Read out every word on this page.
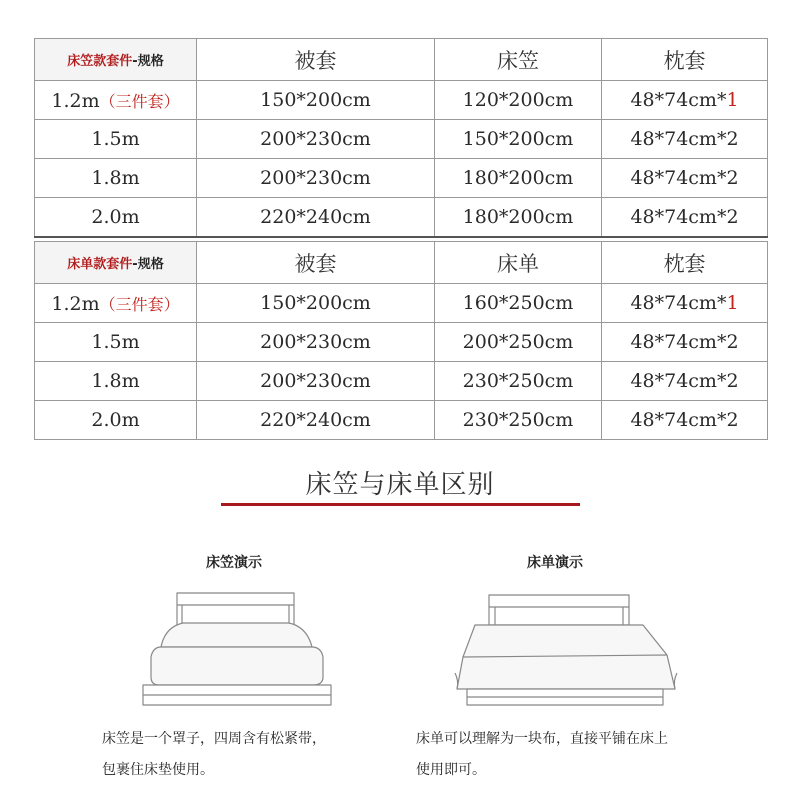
床笠款套件-规格	被套	床笠	枕套
1.2m（三件套）	150*200cm	120*200cm	48*74cm*1
1.5m	200*230cm	150*200cm	48*74cm*2
1.8m	200*230cm	180*200cm	48*74cm*2
2.0m	220*240cm	180*200cm	48*74cm*2
床单款套件-规格	被套	床单	枕套
1.2m（三件套）	150*200cm	160*250cm	48*74cm*1
1.5m	200*230cm	200*250cm	48*74cm*2
1.8m	200*230cm	230*250cm	48*74cm*2
2.0m	220*240cm	230*250cm	48*74cm*2
床笠与床单区别
床笠演示
床笠是一个罩子，四周含有松紧带，
包裹住床垫使用。
床单演示
床单可以理解为一块布，直接平铺在床上
使用即可。
